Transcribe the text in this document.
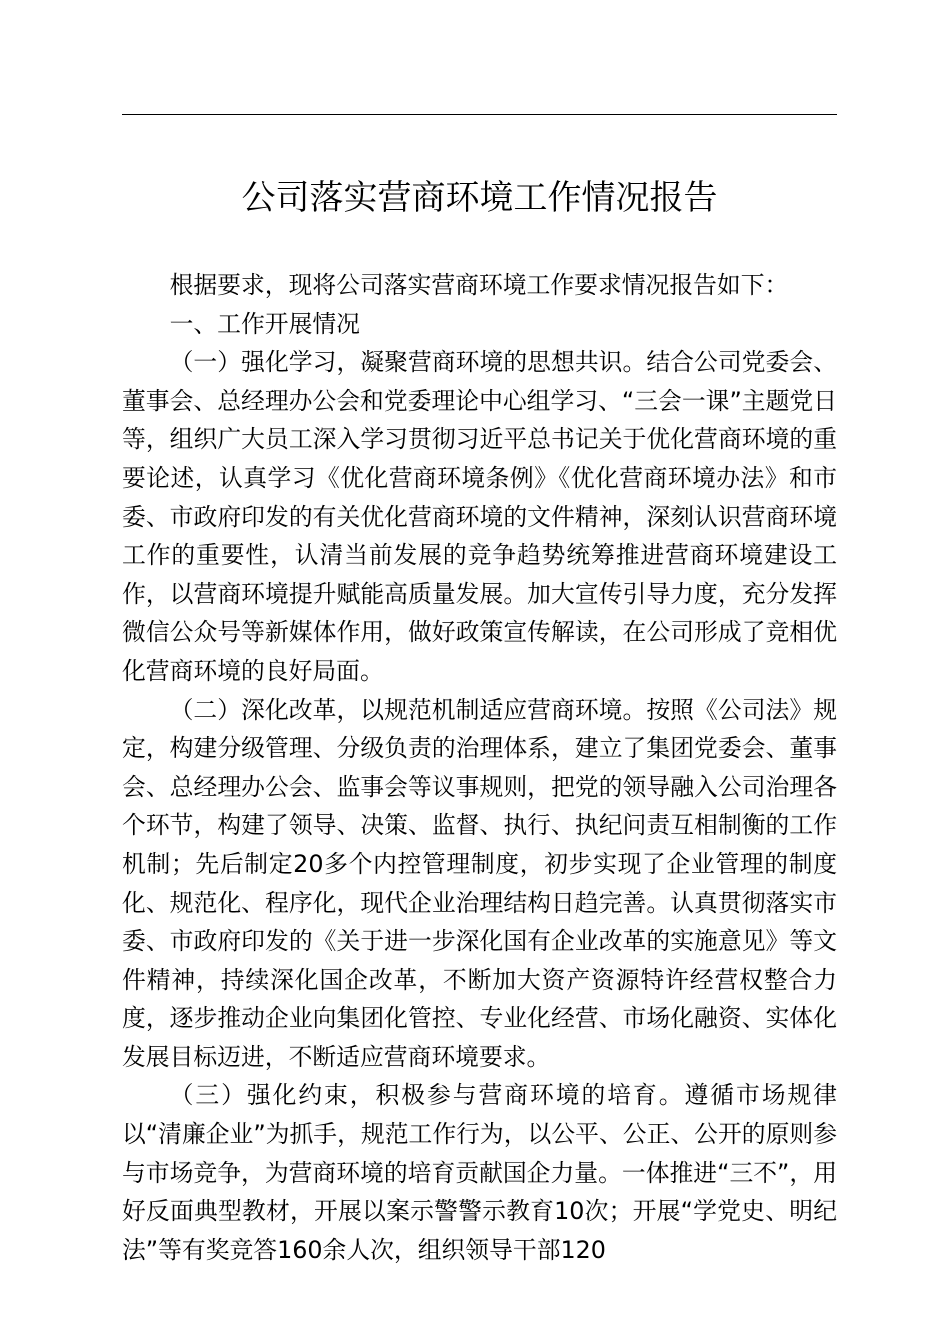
公司落实营商环境工作情况报告

根据要求，现将公司落实营商环境工作要求情况报告如下：

一、工作开展情况

（一）强化学习，凝聚营商环境的思想共识。结合公司党委会、董事会、总经理办公会和党委理论中心组学习、“三会一课”主题党日等，组织广大员工深入学习贯彻习近平总书记关于优化营商环境的重要论述，认真学习《优化营商环境条例》《优化营商环境办法》和市委、市政府印发的有关优化营商环境的文件精神，深刻认识营商环境工作的重要性，认清当前发展的竞争趋势统筹推进营商环境建设工作，以营商环境提升赋能高质量发展。加大宣传引导力度，充分发挥微信公众号等新媒体作用，做好政策宣传解读，在公司形成了竞相优化营商环境的良好局面。

（二）深化改革，以规范机制适应营商环境。按照《公司法》规定，构建分级管理、分级负责的治理体系，建立了集团党委会、董事会、总经理办公会、监事会等议事规则，把党的领导融入公司治理各个环节，构建了领导、决策、监督、执行、执纪问责互相制衡的工作机制；先后制定20多个内控管理制度，初步实现了企业管理的制度化、规范化、程序化，现代企业治理结构日趋完善。认真贯彻落实市委、市政府印发的《关于进一步深化国有企业改革的实施意见》等文件精神，持续深化国企改革，不断加大资产资源特许经营权整合力度，逐步推动企业向集团化管控、专业化经营、市场化融资、实体化发展目标迈进，不断适应营商环境要求。

（三）强化约束，积极参与营商环境的培育。遵循市场规律以“清廉企业”为抓手，规范工作行为，以公平、公正、公开的原则参与市场竞争，为营商环境的培育贡献国企力量。一体推进“三不”，用好反面典型教材，开展以案示警警示教育10次；开展“学党史、明纪法”等有奖竞答160余人次，组织领导干部120
